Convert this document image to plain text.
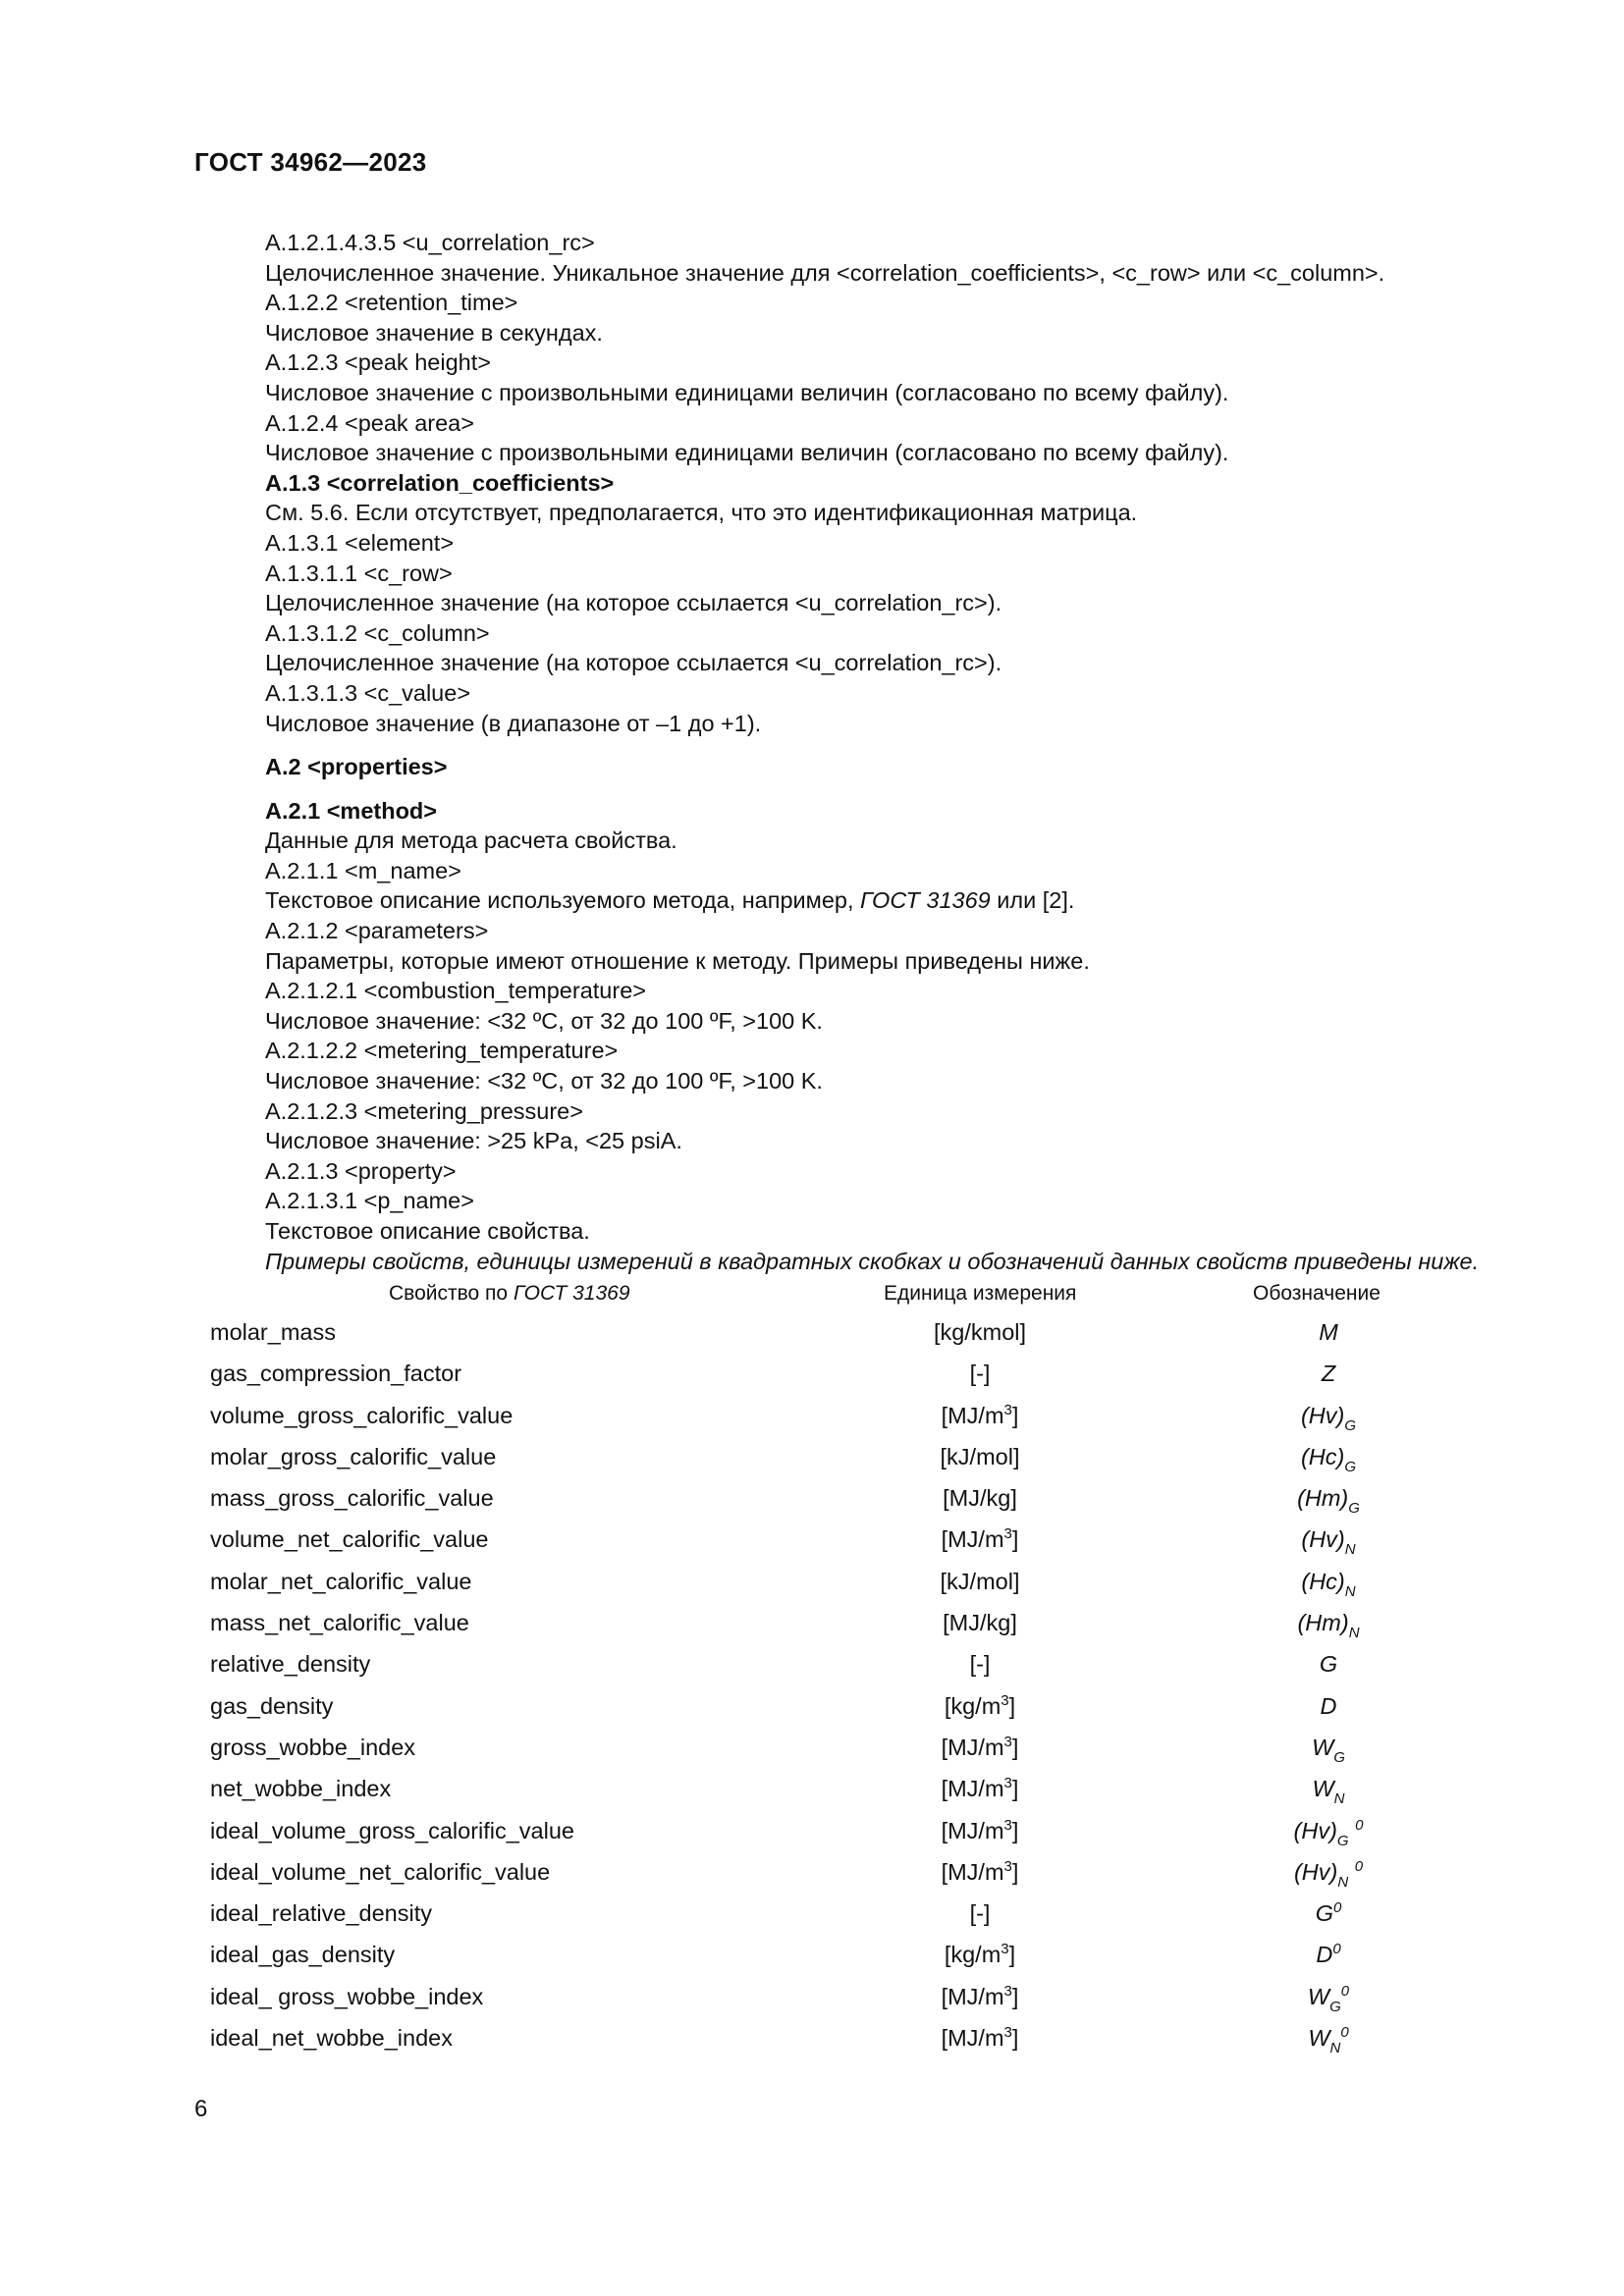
ГОСТ 34962—2023
A.1.2.1.4.3.5 <u_correlation_rc>
Целочисленное значение. Уникальное значение для <correlation_coefficients>, <c_row> или <c_column>.
A.1.2.2 <retention_time>
Числовое значение в секундах.
A.1.2.3 <peak height>
Числовое значение с произвольными единицами величин (согласовано по всему файлу).
A.1.2.4 <peak area>
Числовое значение с произвольными единицами величин (согласовано по всему файлу).
A.1.3 <correlation_coefficients>
См. 5.6. Если отсутствует, предполагается, что это идентификационная матрица.
A.1.3.1 <element>
A.1.3.1.1 <c_row>
Целочисленное значение (на которое ссылается <u_correlation_rc>).
A.1.3.1.2 <c_column>
Целочисленное значение (на которое ссылается <u_correlation_rc>).
A.1.3.1.3 <c_value>
Числовое значение (в диапазоне от –1 до +1).
A.2 <properties>
A.2.1 <method>
Данные для метода расчета свойства.
A.2.1.1 <m_name>
Текстовое описание используемого метода, например, ГОСТ 31369 или [2].
A.2.1.2 <parameters>
Параметры, которые имеют отношение к методу. Примеры приведены ниже.
A.2.1.2.1 <combustion_temperature>
Числовое значение: <32 ºC, от 32 до 100 ºF, >100 K.
A.2.1.2.2 <metering_temperature>
Числовое значение: <32 ºC, от 32 до 100 ºF, >100 K.
A.2.1.2.3 <metering_pressure>
Числовое значение: >25 kPa, <25 psiA.
A.2.1.3 <property>
A.2.1.3.1 <p_name>
Текстовое описание свойства.
Примеры свойств, единицы измерений в квадратных скобках и обозначений данных свойств приведены ниже.
Свойство по ГОСТ 31369	Единица измерения	Обозначение
molar_mass	[kg/kmol]	M
gas_compression_factor	[-]	Z
volume_gross_calorific_value	$[MJ/m^3]$	$(Hv)_G$
molar_gross_calorific_value	[kJ/mol]	$(Hc)_G$
mass_gross_calorific_value	[MJ/kg]	$(Hm)_G$
volume_net_calorific_value	$[MJ/m^3]$	$(Hv)_N$
molar_net_calorific_value	[kJ/mol]	$(Hc)_N$
mass_net_calorific_value	[MJ/kg]	$(Hm)_N$
relative_density	[-]	G
gas_density	$[kg/m^3]$	D
gross_wobbe_index	$[MJ/m^3]$	$W_G$
net_wobbe_index	$[MJ/m^3]$	$W_N$
ideal_volume_gross_calorific_value	$[MJ/m^3]$	$(Hv)_G$ $^0$
ideal_volume_net_calorific_value	$[MJ/m^3]$	$(Hv)_N$ $^0$
ideal_relative_density	[-]	$G^0$
ideal_gas_density	$[kg/m^3]$	$D^0$
ideal_ gross_wobbe_index	$[MJ/m^3]$	$W_G^0$
ideal_net_wobbe_index	$[MJ/m^3]$	$W_N^0$
6
